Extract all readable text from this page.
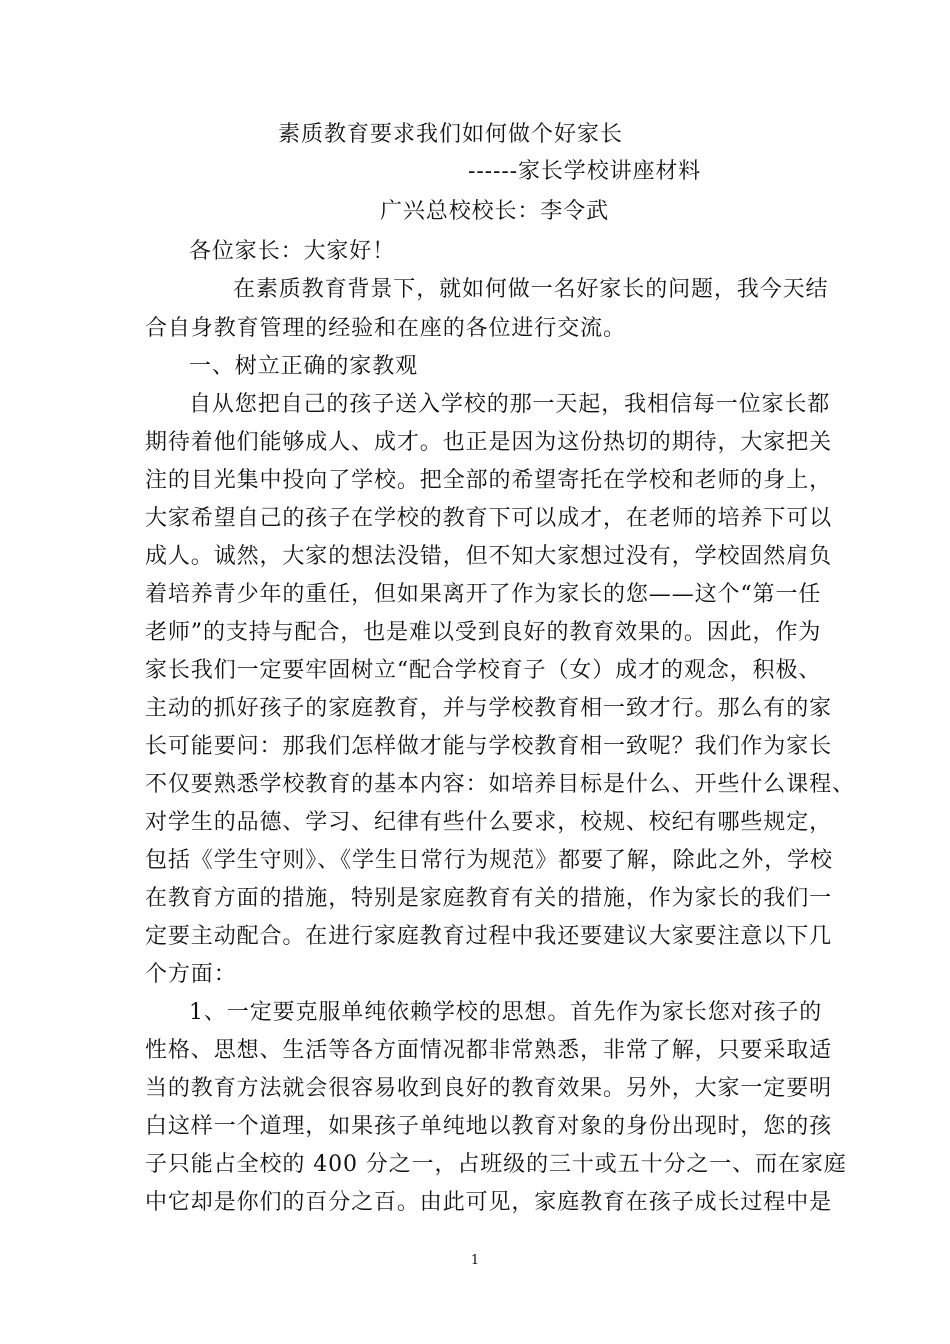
素质教育要求我们如何做个好家长
------家长学校讲座材料
广兴总校校长：李令武
各位家长：大家好！
在素质教育背景下，就如何做一名好家长的问题，我今天结
合自身教育管理的经验和在座的各位进行交流。
一、树立正确的家教观
自从您把自己的孩子送入学校的那一天起，我相信每一位家长都
期待着他们能够成人、成才。也正是因为这份热切的期待，大家把关
注的目光集中投向了学校。把全部的希望寄托在学校和老师的身上，
大家希望自己的孩子在学校的教育下可以成才，在老师的培养下可以
成人。诚然，大家的想法没错，但不知大家想过没有，学校固然肩负
着培养青少年的重任，但如果离开了作为家长的您——这个“第一任
老师”的支持与配合，也是难以受到良好的教育效果的。因此，作为
家长我们一定要牢固树立“配合学校育子（女）成才的观念，积极、
主动的抓好孩子的家庭教育，并与学校教育相一致才行。那么有的家
长可能要问：那我们怎样做才能与学校教育相一致呢？我们作为家长
不仅要熟悉学校教育的基本内容：如培养目标是什么、开些什么课程、
对学生的品德、学习、纪律有些什么要求，校规、校纪有哪些规定，
包括《学生守则》、《学生日常行为规范》都要了解，除此之外，学校
在教育方面的措施，特别是家庭教育有关的措施，作为家长的我们一
定要主动配合。在进行家庭教育过程中我还要建议大家要注意以下几
个方面：
1、一定要克服单纯依赖学校的思想。首先作为家长您对孩子的
性格、思想、生活等各方面情况都非常熟悉，非常了解，只要采取适
当的教育方法就会很容易收到良好的教育效果。另外，大家一定要明
白这样一个道理，如果孩子单纯地以教育对象的身份出现时，您的孩
子只能占全校的 400 分之一，占班级的三十或五十分之一、而在家庭
中它却是你们的百分之百。由此可见，家庭教育在孩子成长过程中是
1
